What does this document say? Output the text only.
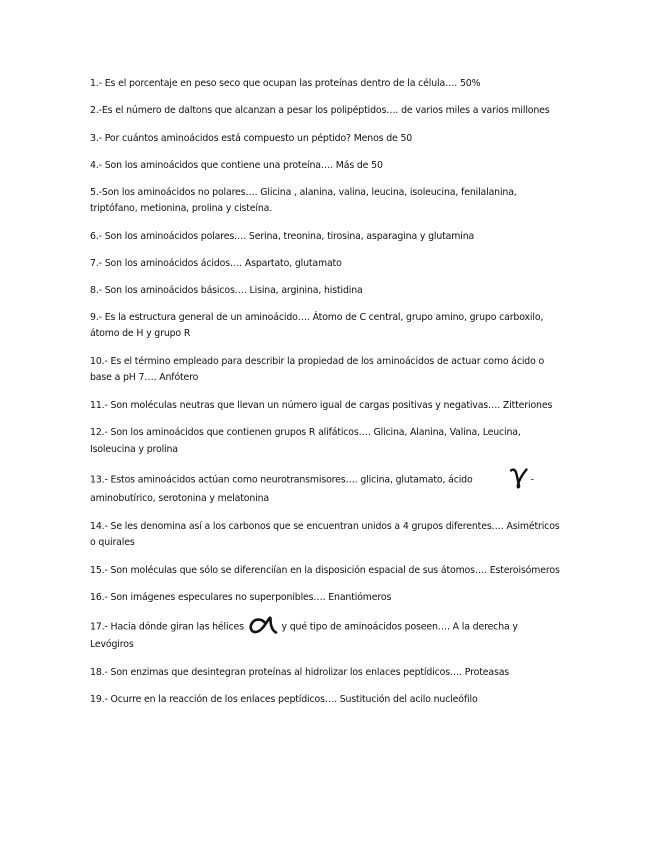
1.- Es el porcentaje en peso seco que ocupan las proteínas dentro de la célula…. 50%

2.-Es el número de daltons que alcanzan a pesar los polipéptidos…. de varios miles a varios millones

3.- Por cuántos aminoácidos está compuesto un péptido? Menos de 50

4.- Son los aminoácidos que contiene una proteína…. Más de 50

5.-Son los aminoácidos no polares…. Glicina , alanina, valina, leucina, isoleucina, fenilalanina, triptófano, metionina, prolina y cisteína.

6.- Son los aminoácidos polares…. Serina, treonina, tirosina, asparagina y glutamina

7.- Son los aminoácidos ácidos…. Aspartato, glutamato

8.- Son los aminoácidos básicos…. Lisina, arginina, histidina

9.- Es la estructura general de un aminoácido…. Átomo de C central, grupo amino, grupo carboxilo, átomo de H y grupo R

10.- Es el término empleado para describir la propiedad de los aminoácidos de actuar como ácido o base a pH 7…. Anfótero

11.- Son moléculas neutras que llevan un número igual de cargas positivas y negativas…. Zitteriones

12.- Son los aminoácidos que contienen grupos R alifáticos…. Glicina, Alanina, Valina, Leucina, Isoleucina y prolina

13.- Estos aminoácidos actúan como neurotransmisores…. glicina, glutamato, ácido	-aminobutírico, serotonina y melatonina

14.- Se les denomina así a los carbonos que se encuentran unidos a 4 grupos diferentes…. Asimétricos o quirales

15.- Son moléculas que sólo se diferenciían en la disposición espacial de sus átomos…. Esteroisómeros

16.- Son imágenes especulares no superponibles…. Enantiómeros

17.- Hacia dónde giran las hélices	y qué tipo de aminoácidos poseen…. A la derecha y Levógiros

18.- Son enzimas que desintegran proteínas al hidrolizar los enlaces peptídicos…. Proteasas

19.- Ocurre en la reacción de los enlaces peptídicos…. Sustitución del acilo nucleófilo
